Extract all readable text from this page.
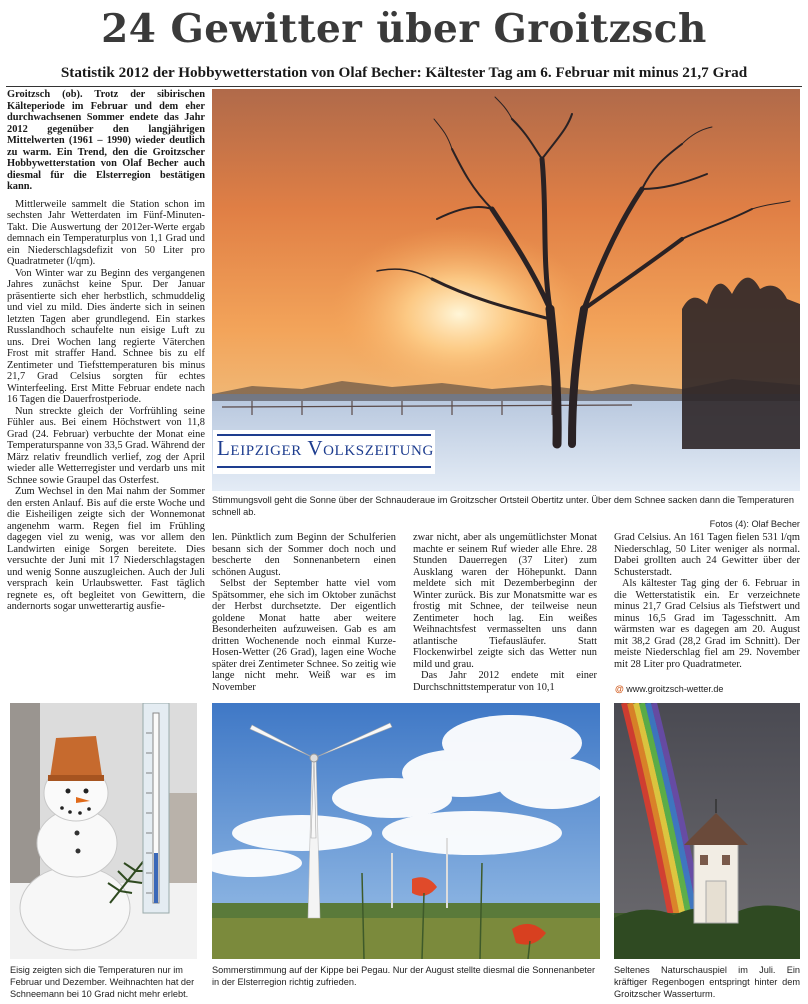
24 Gewitter über Groitzsch
Statistik 2012 der Hobbywetterstation von Olaf Becher: Kältester Tag am 6. Februar mit minus 21,7 Grad

Groitzsch (ob). Trotz der sibirischen Kälteperiode im Februar und dem eher durchwachsenen Sommer endete das Jahr 2012 gegenüber den langjährigen Mittelwerten (1961 – 1990) wieder deutlich zu warm. Ein Trend, den die Groitzscher Hobbywetterstation von Olaf Becher auch diesmal für die Elsterregion bestätigen kann.

Mittlerweile sammelt die Station schon im sechsten Jahr Wetterdaten im Fünf-Minuten-Takt. Die Auswertung der 2012er-Werte ergab demnach ein Temperaturplus von 1,1 Grad und ein Niederschlagsdefizit von 50 Liter pro Quadratmeter (l/qm).

Von Winter war zu Beginn des vergangenen Jahres zunächst keine Spur. Der Januar präsentierte sich eher herbstlich, schmuddelig und viel zu mild. Dies änderte sich in seinen letzten Tagen aber grundlegend. Ein starkes Russlandhoch schaufelte nun eisige Luft zu uns. Drei Wochen lang regierte Väterchen Frost mit straffer Hand. Schnee bis zu elf Zentimeter und Tiefsttemperaturen bis minus 21,7 Grad Celsius sorgten für echtes Winterfeeling. Erst Mitte Februar endete nach 16 Tagen die Dauerfrostperiode.

Nun streckte gleich der Vorfrühling seine Fühler aus. Bei einem Höchstwert von 11,8 Grad (24. Februar) verbuchte der Monat eine Temperaturspanne von 33,5 Grad. Während der März relativ freundlich verlief, zog der April wieder alle Wetterregister und verdarb uns mit Schnee sowie Graupel das Osterfest.

Zum Wechsel in den Mai nahm der Sommer den ersten Anlauf. Bis auf die erste Woche und die Eisheiligen zeigte sich der Wonnemonat angenehm warm. Regen fiel im Frühling dagegen viel zu wenig, was vor allem den Landwirten einige Sorgen bereitete. Dies versuchte der Juni mit 17 Niederschlagstagen und wenig Sonne auszugleichen. Auch der Juli versprach kein Urlaubswetter. Fast täglich regnete es, oft begleitet von Gewittern, die andernorts sogar unwetterartig ausfie-

Leipziger Volkszeitung
Stimmungsvoll geht die Sonne über der Schnauderaue im Groitzscher Ortsteil Obertitz unter. Über dem Schnee sacken dann die Temperaturen schnell ab.
Fotos (4): Olaf Becher

len. Pünktlich zum Beginn der Schulferien besann sich der Sommer doch noch und bescherte den Sonnenanbetern einen schönen August.

Selbst der September hatte viel vom Spätsommer, ehe sich im Oktober zunächst der Herbst durchsetzte. Der eigentlich goldene Monat hatte aber weitere Besonderheiten aufzuweisen. Gab es am dritten Wochenende noch einmal Kurze-Hosen-Wetter (26 Grad), lagen eine Woche später drei Zentimeter Schnee. So zeitig wie lange nicht mehr. Weiß war es im November

zwar nicht, aber als ungemütlichster Monat machte er seinem Ruf wieder alle Ehre. 28 Stunden Dauerregen (37 Liter) zum Ausklang waren der Höhepunkt. Dann meldete sich mit Dezemberbeginn der Winter zurück. Bis zur Monatsmitte war es frostig mit Schnee, der teilweise neun Zentimeter hoch lag. Ein weißes Weihnachtsfest vermasselten uns dann atlantische Tiefausläufer. Statt Flockenwirbel zeigte sich das Wetter nun mild und grau.

Das Jahr 2012 endete mit einer Durchschnittstemperatur von 10,1

Grad Celsius. An 161 Tagen fielen 531 l/qm Niederschlag, 50 Liter weniger als normal. Dabei grollten auch 24 Gewitter über der Schusterstadt.

Als kältester Tag ging der 6. Februar in die Wetterstatistik ein. Er verzeichnete minus 21,7 Grad Celsius als Tiefstwert und minus 16,5 Grad im Tagesschnitt. Am wärmsten war es dagegen am 20. August mit 38,2 Grad (28,2 Grad im Schnitt). Der meiste Niederschlag fiel am 29. November mit 28 Liter pro Quadratmeter.

@ www.groitzsch-wetter.de
Eisig zeigten sich die Temperaturen nur im Februar und Dezember. Weihnachten hat der Schneemann bei 10 Grad nicht mehr erlebt.
Sommerstimmung auf der Kippe bei Pegau. Nur der August stellte diesmal die Sonnenanbeter in der Elsterregion richtig zufrieden.
Seltenes Naturschauspiel im Juli. Ein kräftiger Regenbogen entspringt hinter dem Groitzscher Wasserturm.
